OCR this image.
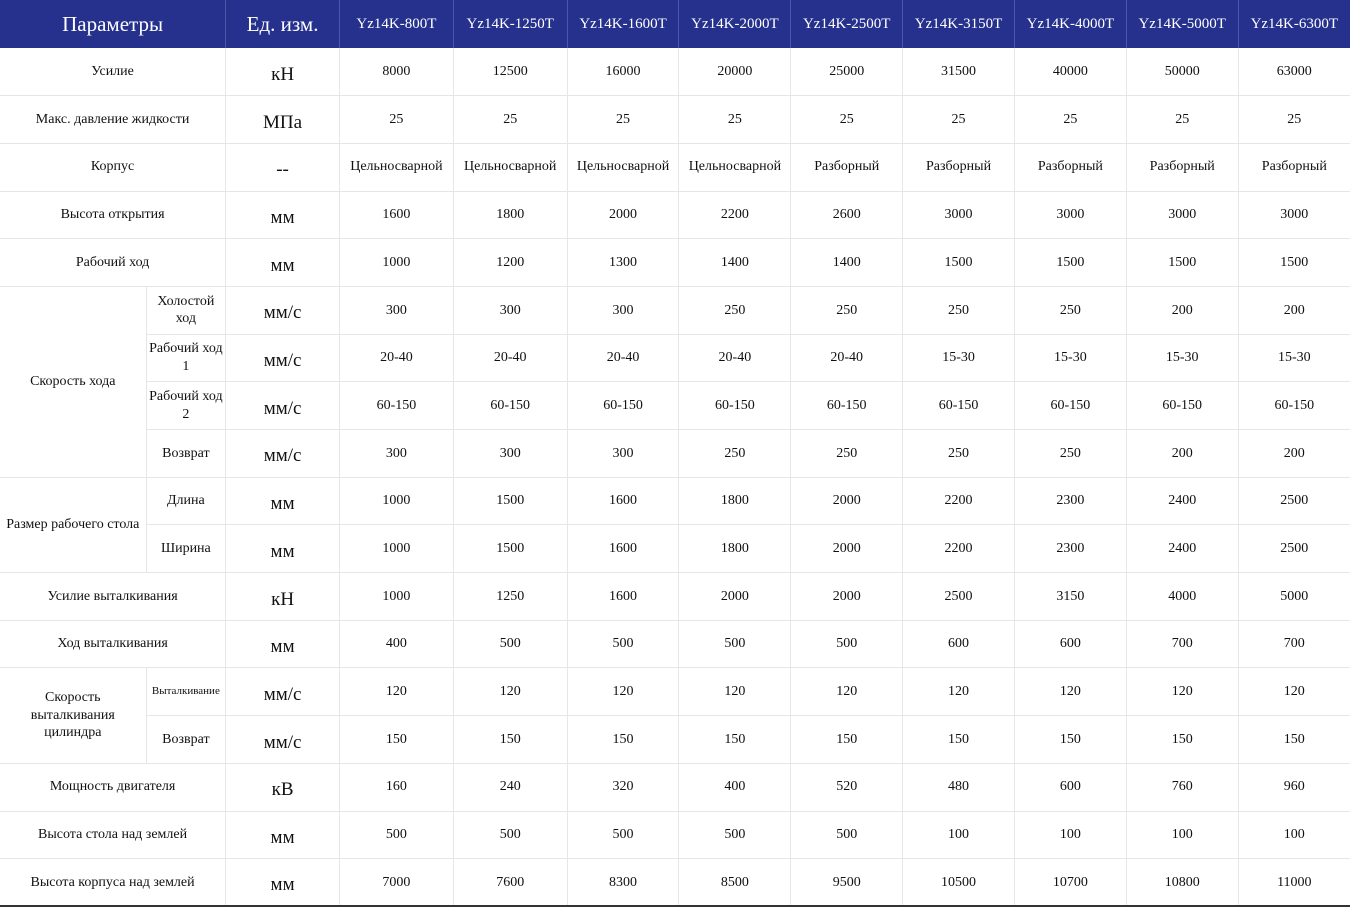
Параметры		Ед. изм.	Yz14K-800T	Yz14K-1250T	Yz14K-1600T	Yz14K-2000T	Yz14K-2500T	Yz14K-3150T	Yz14K-4000T	Yz14K-5000T	Yz14K-6300T
Усилие		кН	8000	12500	16000	20000	25000	31500	40000	50000	63000
Макс. давление жидкости		МПа	25	25	25	25	25	25	25	25	25
Корпус		--	Цельносварной	Цельносварной	Цельносварной	Цельносварной	Разборный	Разборный	Разборный	Разборный	Разборный
Высота открытия		мм	1600	1800	2000	2200	2600	3000	3000	3000	3000
Рабочий ход		мм	1000	1200	1300	1400	1400	1500	1500	1500	1500
Скорость хода	Холостой ход	мм/с	300	300	300	250	250	250	250	200	200
	Рабочий ход 1	мм/с	20-40	20-40	20-40	20-40	20-40	15-30	15-30	15-30	15-30
	Рабочий ход 2	мм/с	60-150	60-150	60-150	60-150	60-150	60-150	60-150	60-150	60-150
	Возврат	мм/с	300	300	300	250	250	250	250	200	200
Размер рабочего стола	Длина	мм	1000	1500	1600	1800	2000	2200	2300	2400	2500
	Ширина	мм	1000	1500	1600	1800	2000	2200	2300	2400	2500
Усилие выталкивания		кН	1000	1250	1600	2000	2000	2500	3150	4000	5000
Ход выталкивания		мм	400	500	500	500	500	600	600	700	700
Скорость выталкивания цилиндра	Выталкивание	мм/с	120	120	120	120	120	120	120	120	120
	Возврат	мм/с	150	150	150	150	150	150	150	150	150
Мощность двигателя		кВ	160	240	320	400	520	480	600	760	960
Высота стола над землей		мм	500	500	500	500	500	100	100	100	100
Высота корпуса над землей		мм	7000	7600	8300	8500	9500	10500	10700	10800	11000
